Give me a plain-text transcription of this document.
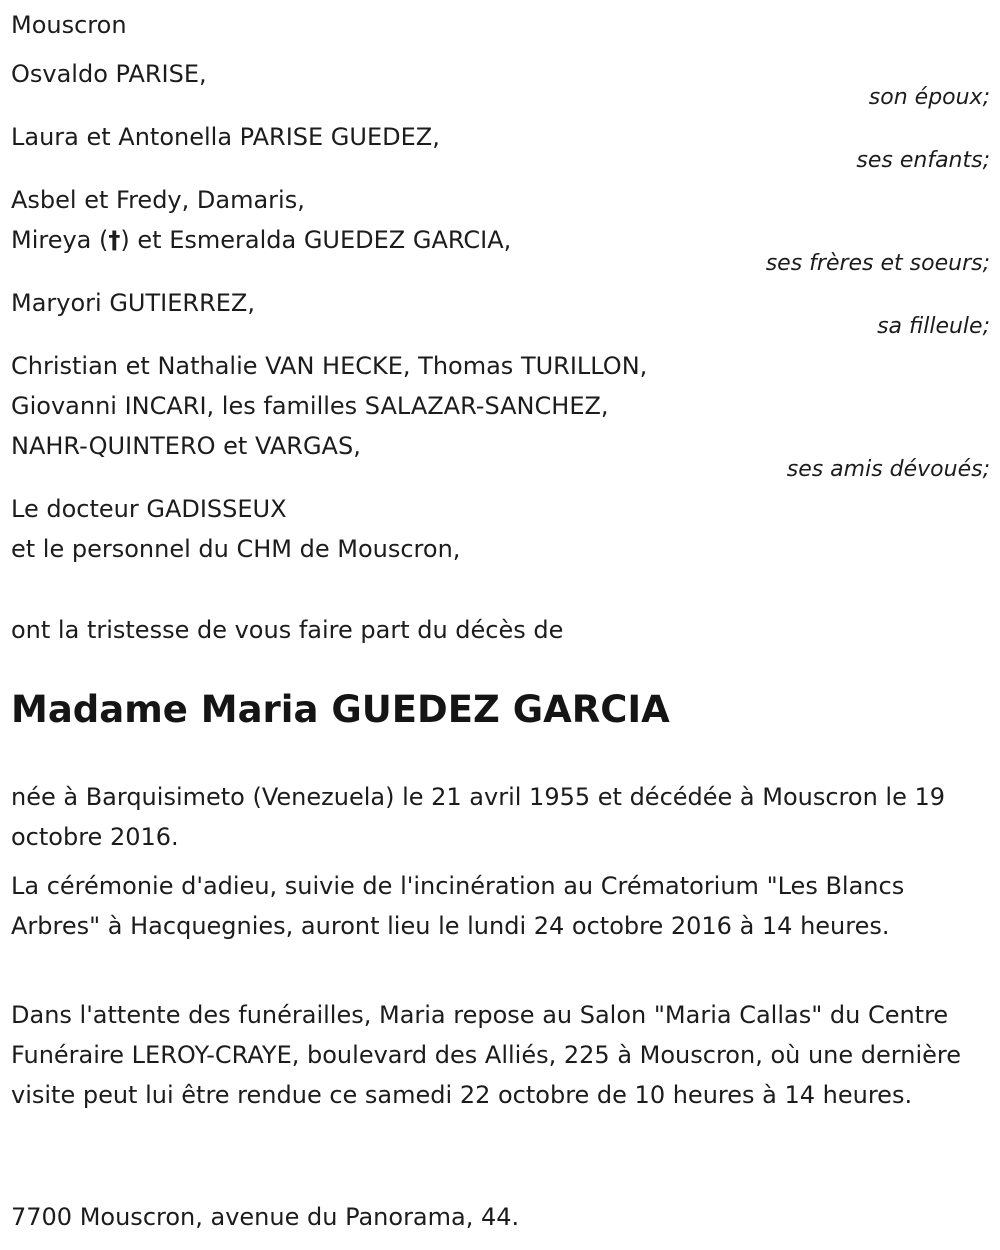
Mouscron
Osvaldo PARISE,
son époux;
Laura et Antonella PARISE GUEDEZ,
ses enfants;
Asbel et Fredy, Damaris,
Mireya (†) et Esmeralda GUEDEZ GARCIA,
ses frères et soeurs;
Maryori GUTIERREZ,
sa filleule;
Christian et Nathalie VAN HECKE, Thomas TURILLON,
Giovanni INCARI, les familles SALAZAR-SANCHEZ,
NAHR-QUINTERO et VARGAS,
ses amis dévoués;
Le docteur GADISSEUX
et le personnel du CHM de Mouscron,
ont la tristesse de vous faire part du décès de
Madame Maria GUEDEZ GARCIA

née à Barquisimeto (Venezuela) le 21 avril 1955 et décédée à Mouscron le 19 octobre 2016.

La cérémonie d'adieu, suivie de l'incinération au Crématorium "Les Blancs Arbres" à Hacquegnies, auront lieu le lundi 24 octobre 2016 à 14 heures.

Dans l'attente des funérailles, Maria repose au Salon "Maria Callas" du Centre Funéraire LEROY-CRAYE, boulevard des Alliés, 225 à Mouscron, où une dernière visite peut lui être rendue ce samedi 22 octobre de 10 heures à 14 heures.

7700 Mouscron, avenue du Panorama, 44.
